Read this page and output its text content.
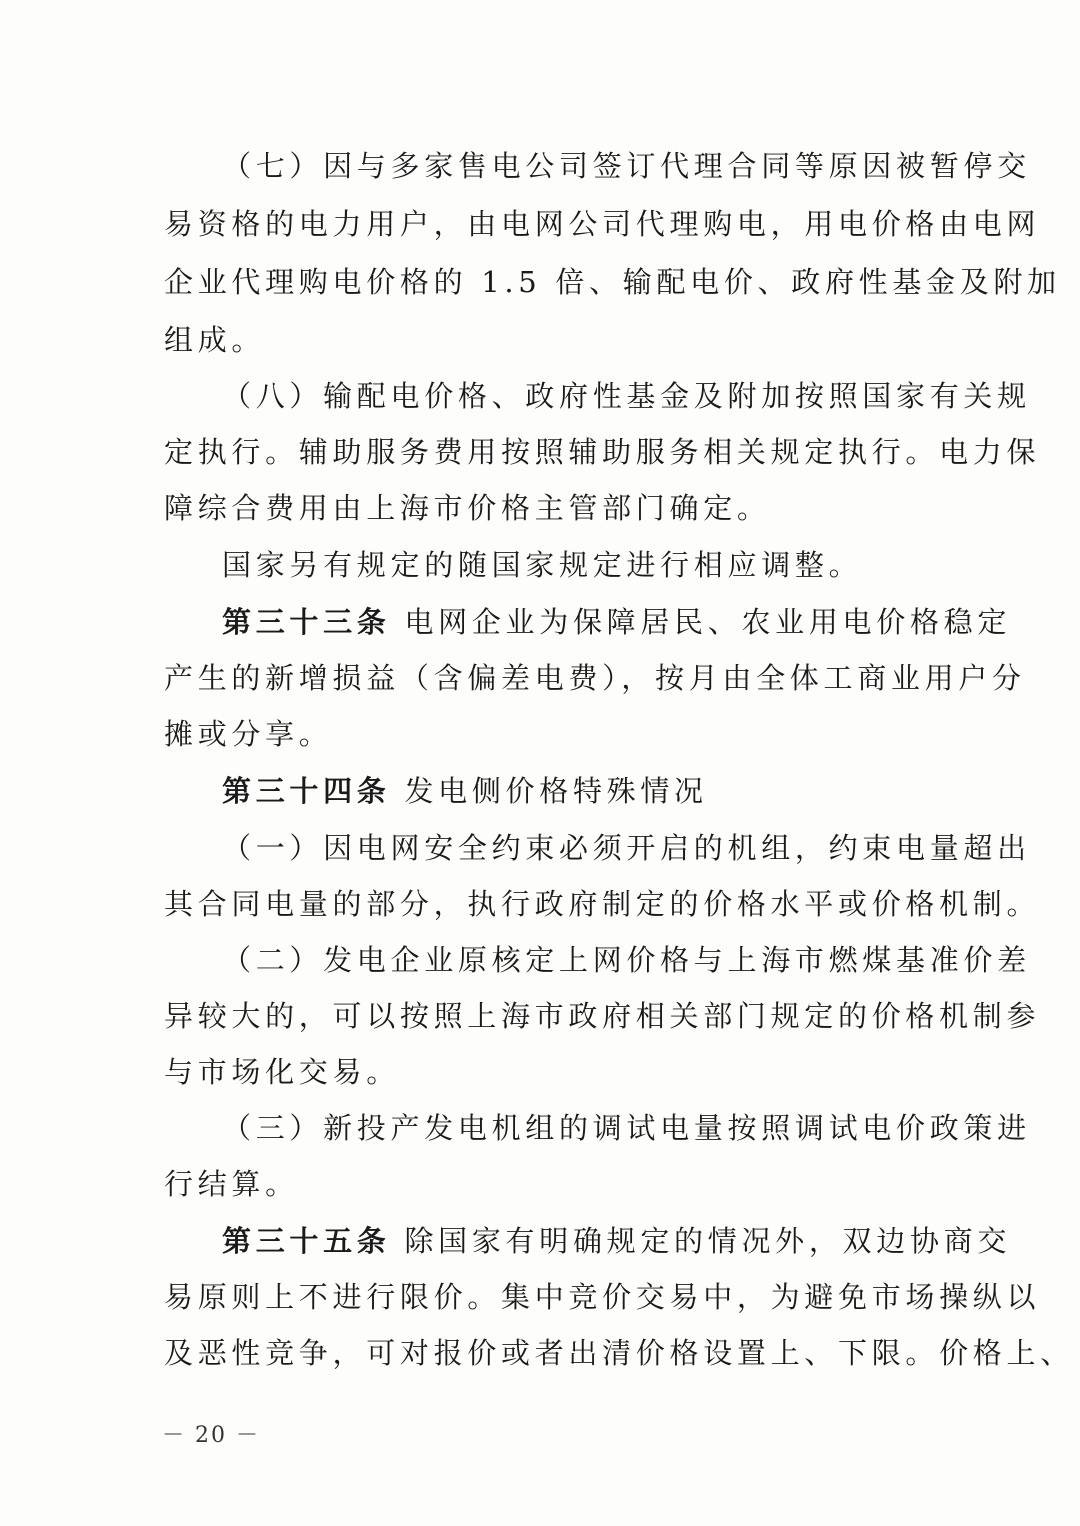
（七）因与多家售电公司签订代理合同等原因被暂停交
易资格的电力用户，由电网公司代理购电，用电价格由电网
企业代理购电价格的 1.5 倍、输配电价、政府性基金及附加
组成。
（八）输配电价格、政府性基金及附加按照国家有关规
定执行。辅助服务费用按照辅助服务相关规定执行。电力保
障综合费用由上海市价格主管部门确定。
国家另有规定的随国家规定进行相应调整。
第三十三条 电网企业为保障居民、农业用电价格稳定
产生的新增损益（含偏差电费），按月由全体工商业用户分
摊或分享。
第三十四条 发电侧价格特殊情况
（一）因电网安全约束必须开启的机组，约束电量超出
其合同电量的部分，执行政府制定的价格水平或价格机制。
（二）发电企业原核定上网价格与上海市燃煤基准价差
异较大的，可以按照上海市政府相关部门规定的价格机制参
与市场化交易。
（三）新投产发电机组的调试电量按照调试电价政策进
行结算。
第三十五条 除国家有明确规定的情况外，双边协商交
易原则上不进行限价。集中竞价交易中，为避免市场操纵以
及恶性竞争，可对报价或者出清价格设置上、下限。价格上、
－ 20 －
